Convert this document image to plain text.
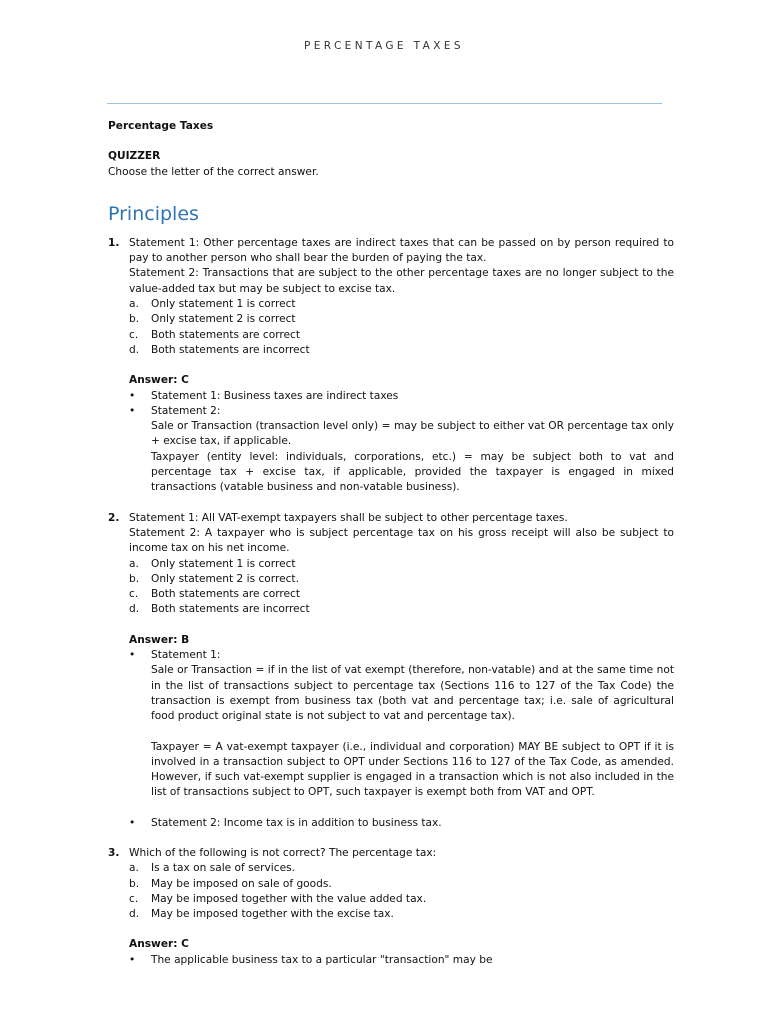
PERCENTAGE TAXES
Percentage Taxes
QUIZZER
Choose the letter of the correct answer.
Principles
1. Statement 1: Other percentage taxes are indirect taxes that can be passed on by person required to pay to another person who shall bear the burden of paying the tax.
Statement 2: Transactions that are subject to the other percentage taxes are no longer subject to the value-added tax but may be subject to excise tax.
a.	Only statement 1 is correct
b.	Only statement 2 is correct
c.	Both statements are correct
d.	Both statements are incorrect
Answer: C
•	Statement 1: Business taxes are indirect taxes
•	Statement 2:
Sale or Transaction (transaction level only) = may be subject to either vat OR percentage tax only + excise tax, if applicable.
Taxpayer (entity level: individuals, corporations, etc.) = may be subject both to vat and percentage tax + excise tax, if applicable, provided the taxpayer is engaged in mixed transactions (vatable business and non-vatable business).
2. Statement 1: All VAT-exempt taxpayers shall be subject to other percentage taxes.
Statement 2: A taxpayer who is subject percentage tax on his gross receipt will also be subject to income tax on his net income.
a.	Only statement 1 is correct
b.	Only statement 2 is correct.
c.	Both statements are correct
d.	Both statements are incorrect
Answer: B
•	Statement 1:
Sale or Transaction = if in the list of vat exempt (therefore, non-vatable) and at the same time not in the list of transactions subject to percentage tax (Sections 116 to 127 of the Tax Code) the transaction is exempt from business tax (both vat and percentage tax; i.e. sale of agricultural food product original state is not subject to vat and percentage tax).
Taxpayer = A vat-exempt taxpayer (i.e., individual and corporation) MAY BE subject to OPT if it is involved in a transaction subject to OPT under Sections 116 to 127 of the Tax Code, as amended. However, if such vat-exempt supplier is engaged in a transaction which is not also included in the list of transactions subject to OPT, such taxpayer is exempt both from VAT and OPT.
•	Statement 2: Income tax is in addition to business tax.
3. Which of the following is not correct? The percentage tax:
a.	Is a tax on sale of services.
b.	May be imposed on sale of goods.
c.	May be imposed together with the value added tax.
d.	May be imposed together with the excise tax.
Answer: C
•	The applicable business tax to a particular "transaction" may be
